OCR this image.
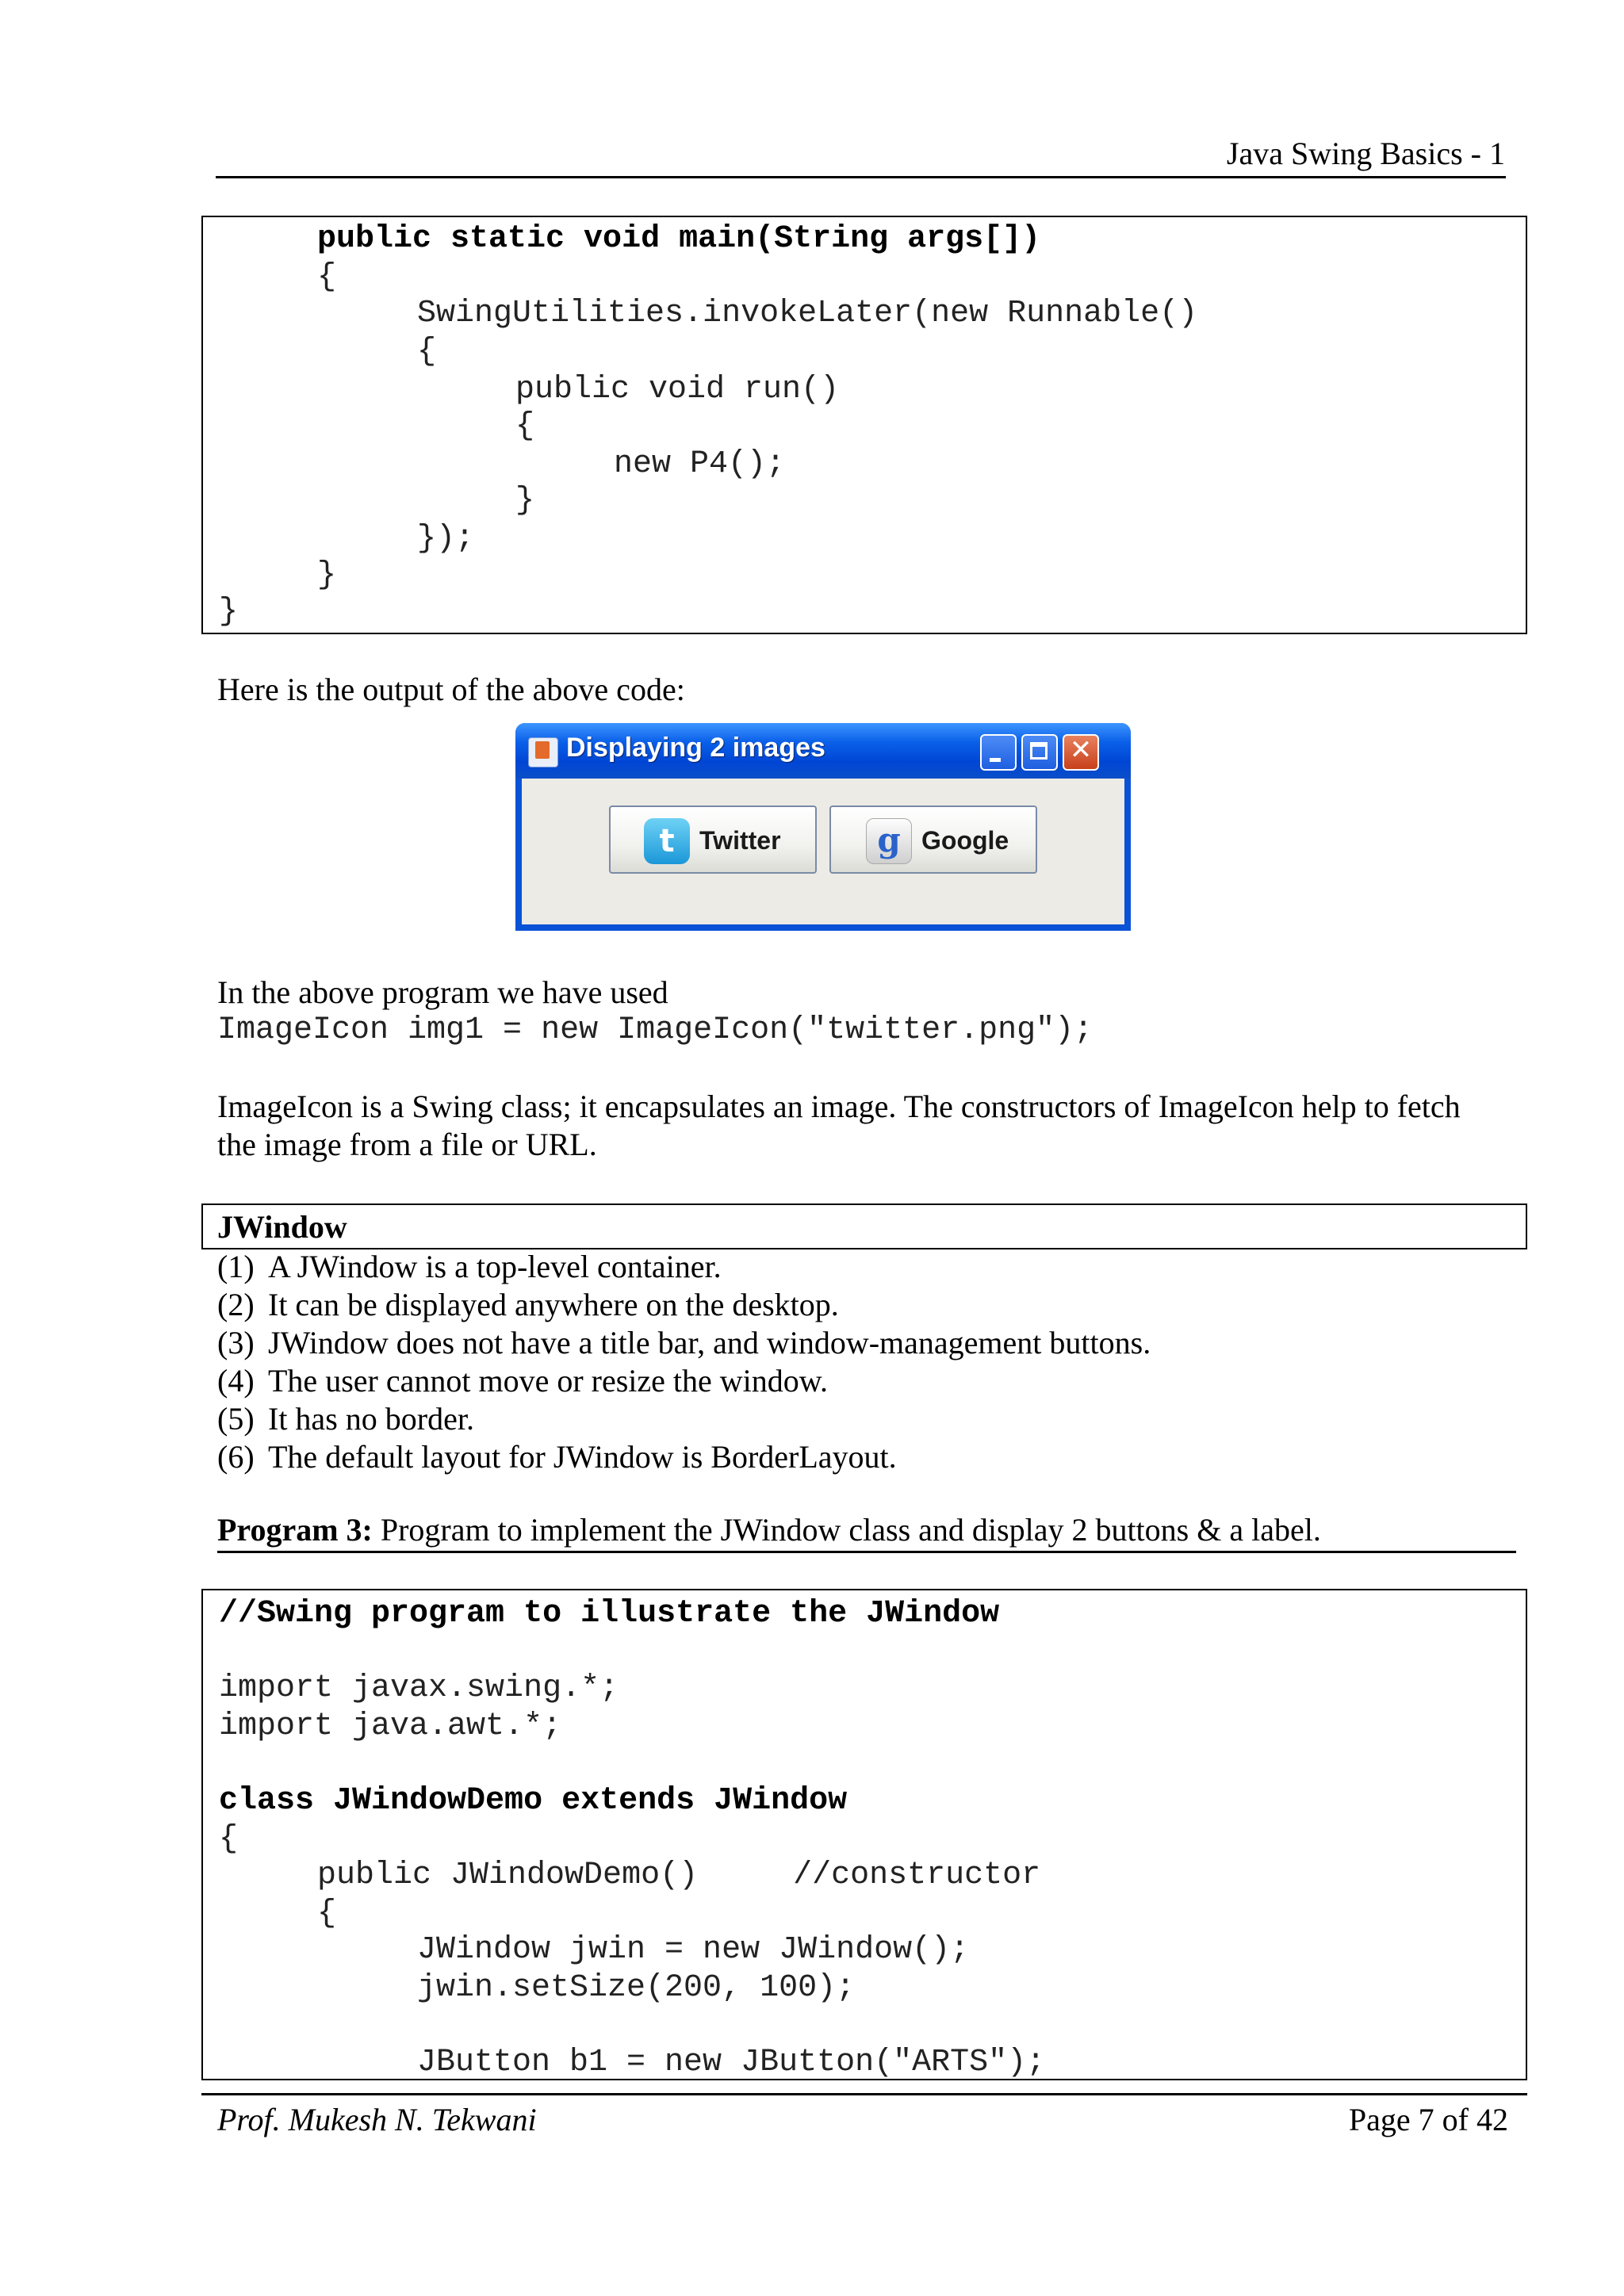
Java Swing Basics - 1
public static void main(String args[])
{
SwingUtilities.invokeLater(new Runnable()
{
public void run()
{
new P4();
}
});
}
}
Here is the output of the above code:
Displaying 2 images	✕
t Twitter	g Google
In the above program we have used
ImageIcon img1 = new ImageIcon("twitter.png");
ImageIcon is a Swing class; it encapsulates an image. The constructors of ImageIcon help to fetch
the image from a file or URL.
JWindow
(1) A JWindow is a top-level container.
(2) It can be displayed anywhere on the desktop.
(3) JWindow does not have a title bar, and window-management buttons.
(4) The user cannot move or resize the window.
(5) It has no border.
(6) The default layout for JWindow is BorderLayout.
Program 3: Program to implement the JWindow class and display 2 buttons & a label.
//Swing program to illustrate the JWindow
import javax.swing.*;
import java.awt.*;
class JWindowDemo extends JWindow
{
public JWindowDemo()     //constructor
{
JWindow jwin = new JWindow();
jwin.setSize(200, 100);
JButton b1 = new JButton("ARTS");
Prof. Mukesh N. Tekwani	Page 7 of 42
